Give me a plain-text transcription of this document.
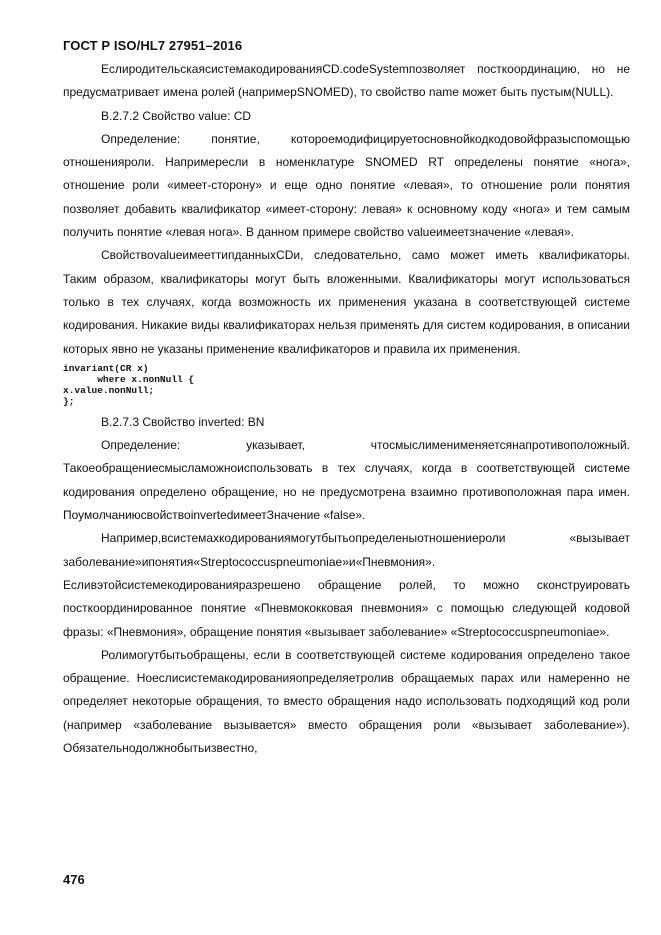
ГОСТ Р ISO/HL7 27951–2016

ЕслиродительскаясистемакодированияCD.codeSystemпозволяет посткоординацию, но не предусматривает имена ролей (напримерSNOMED), то свойство name может быть пустым(NULL).

В.2.7.2 Свойство value: CD

Определение: понятие, котороемодифицируетосновнойкодкодовойфразыспомощью отношенияроли. Напримересли в номенклатуре SNOMED RT определены понятие «нога», отношение роли «имеет-сторону» и еще одно понятие «левая», то отношение роли понятия позволяет добавить квалификатор «имеет-сторону: левая» к основному коду «нога» и тем самым получить понятие «левая нога». В данном примере свойство valueимеетзначение «левая».

СвойствоvalueимееттипданныхCDи, следовательно, само может иметь квалификаторы. Таким образом, квалификаторы могут быть вложенными. Квалификаторы могут использоваться только в тех случаях, когда возможность их применения указана в соответствующей системе кодирования. Никакие виды квалификаторах нельзя применять для систем кодирования, в описании которых явно не указаны применение квалификаторов и правила их применения.

invariant(CR x)
where x.nonNull {
x.value.nonNull;
};

В.2.7.3 Свойство inverted: BN

Определение: указывает, чтосмыслименименяетсянапротивоположный. Такоеобращениесмысламожноиспользовать в тех случаях, когда в соответствующей системе кодирования определено обращение, но не предусмотрена взаимно противоположная пара имен. ПоумолчаниюсвойствоinvertedимеетЗначение «false».

Например,всистемахкодированиямогутбытьопределеныотношениероли «вызывает заболевание»ипонятия«Streptococcuspneumoniae»и«Пневмония». Есливэтойсистемекодированияразрешено обращение ролей, то можно сконструировать посткоординированное понятие «Пневмококковая пневмония» с помощью следующей кодовой фразы: «Пневмония», обращение понятия «вызывает заболевание» «Streptococcuspneumoniae».

Ролимогутбытьобращены, если в соответствующей системе кодирования определено такое обращение. Ноеслисистемакодированияопределяетролив обращаемых парах или намеренно не определяет некоторые обращения, то вместо обращения надо использовать подходящий код роли (например «заболевание вызывается» вместо обращения роли «вызывает заболевание»). Обязательнодолжнобытьизвестно,

476
